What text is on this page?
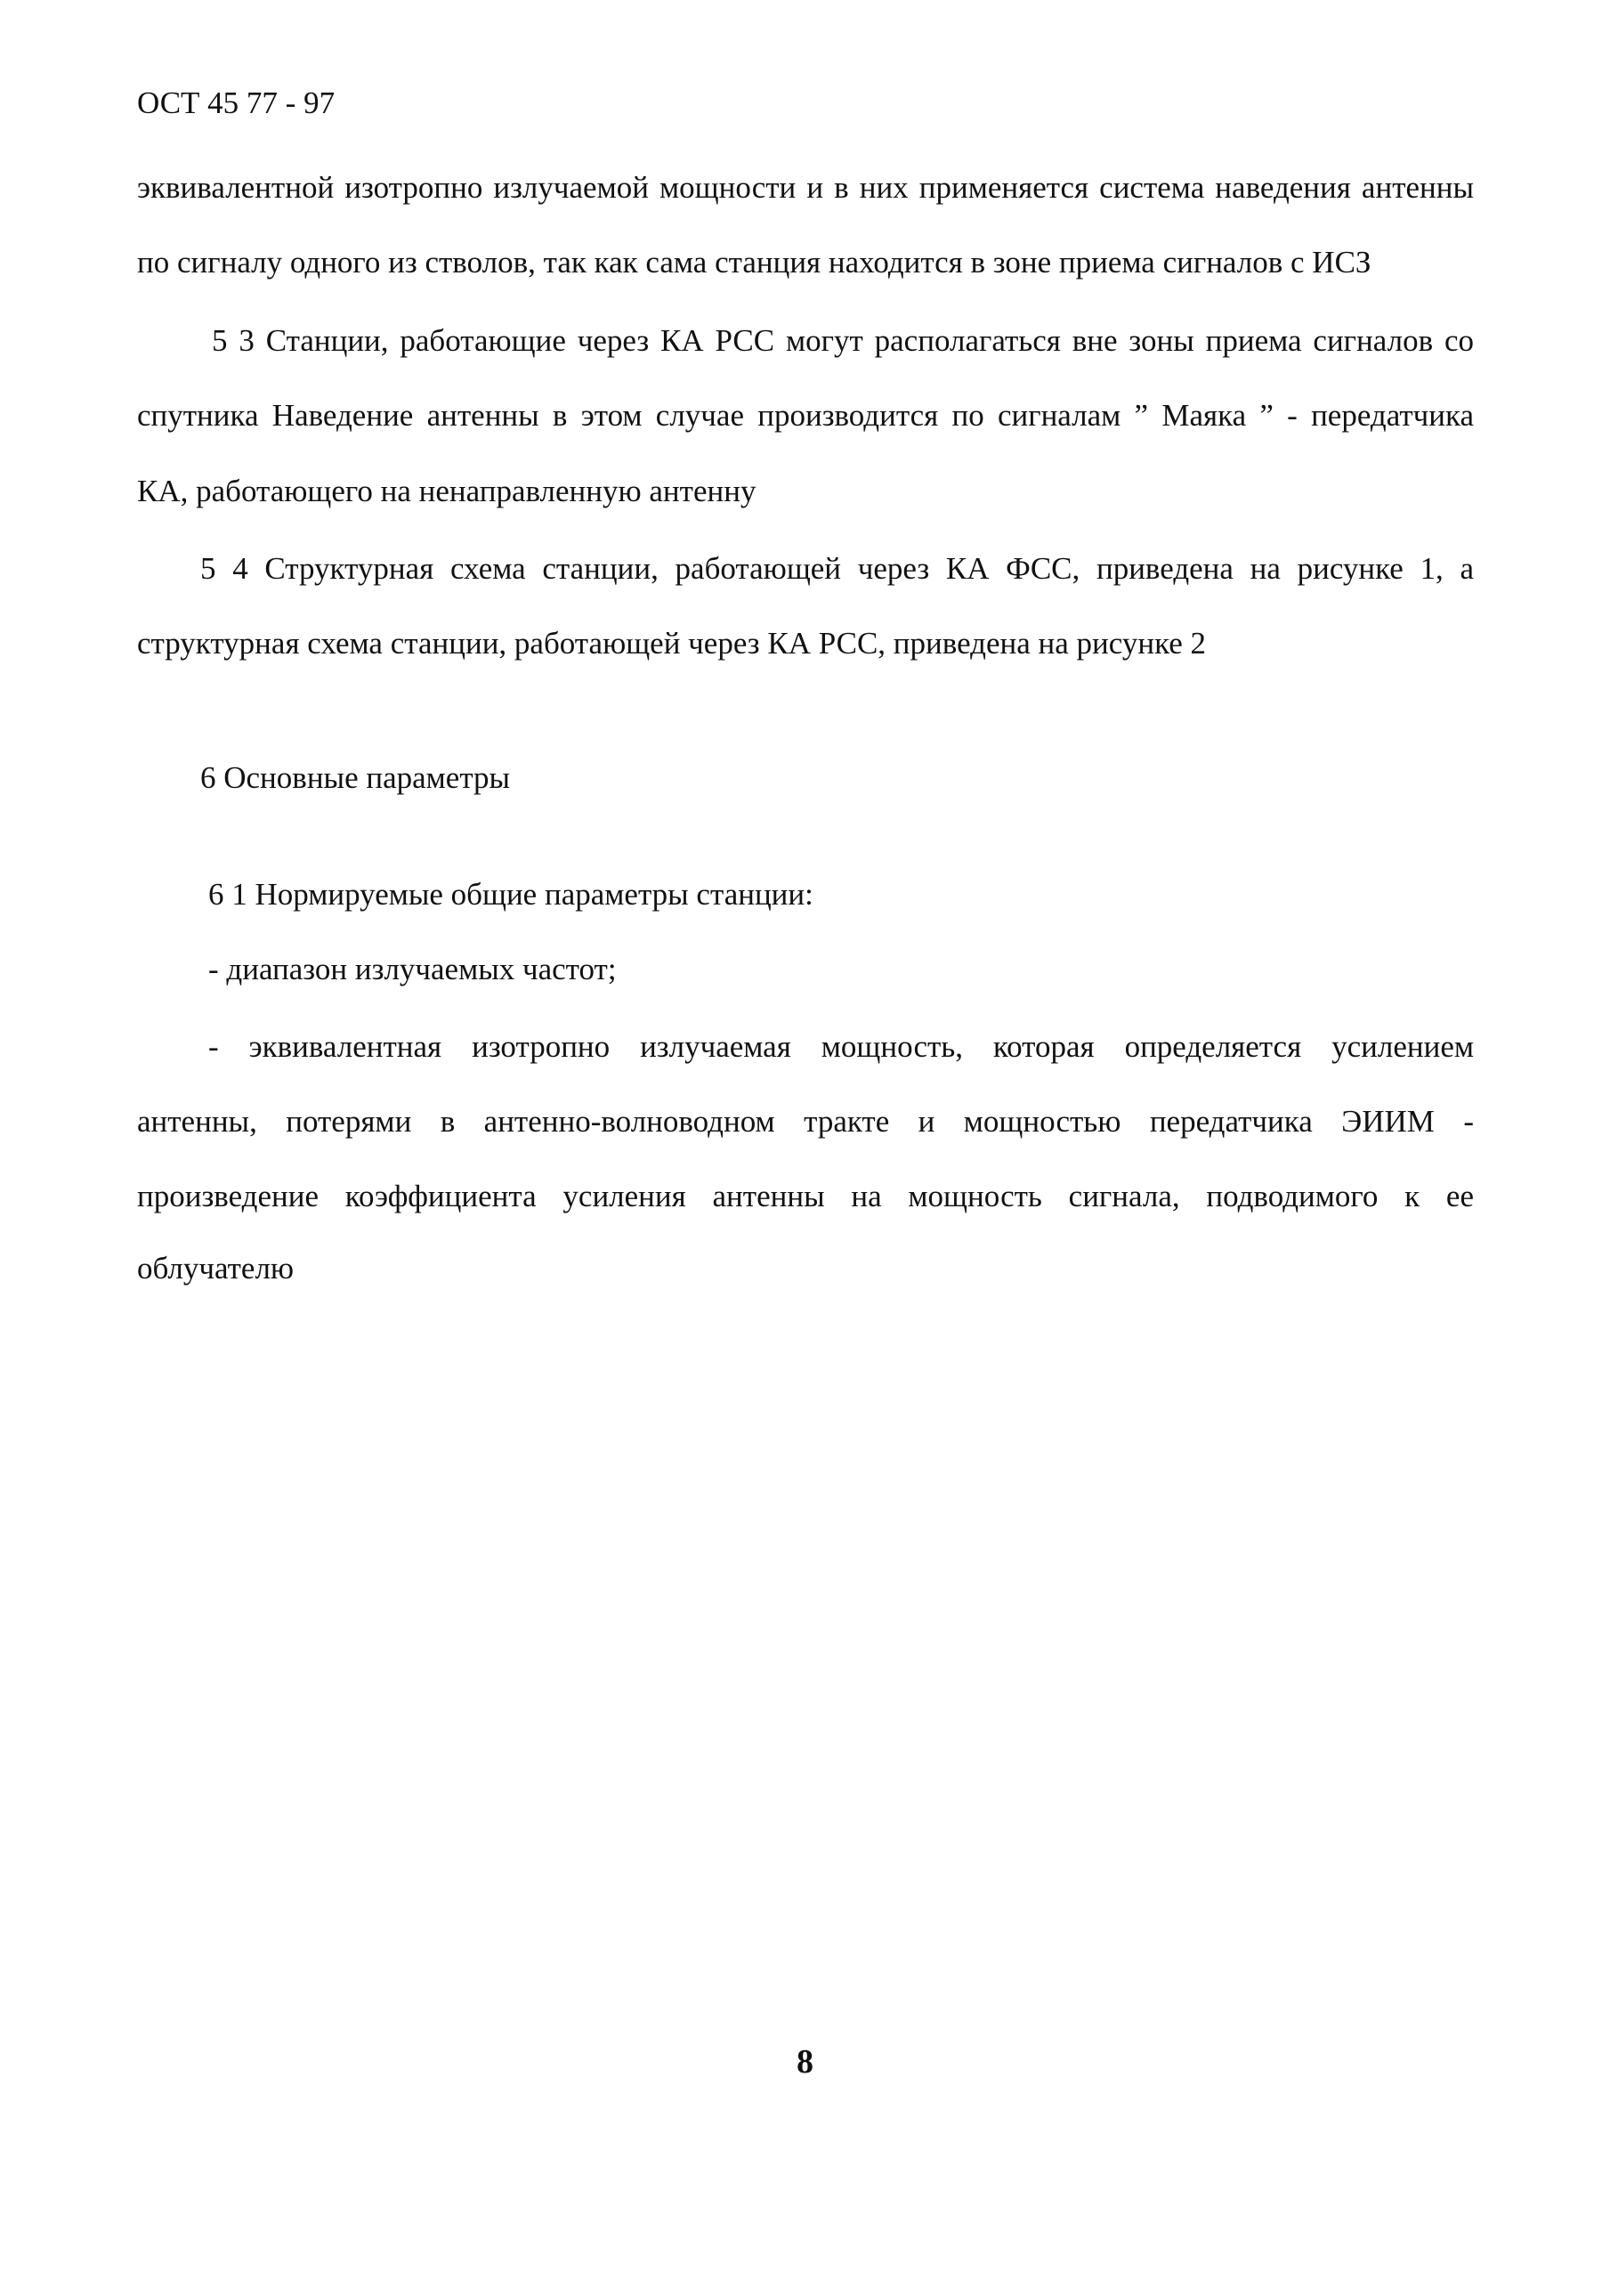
ОСТ 45 77 - 97
эквивалентной изотропно излучаемой мощности и в них применяется система наведения антенны
по сигналу одного из стволов, так как сама станция находится в зоне приема сигналов с ИСЗ
5 3 Станции, работающие через КА РСС могут располагаться вне зоны приема сигналов со
спутника Наведение антенны в этом случае производится по сигналам ” Маяка ” - передатчика
КА, работающего на ненаправленную антенну
5 4 Структурная схема станции, работающей через КА ФСС, приведена на рисунке 1, а
структурная схема станции, работающей через КА РСС, приведена на рисунке 2
6 Основные параметры
6 1 Нормируемые общие параметры станции:
- диапазон излучаемых частот;
- эквивалентная изотропно излучаемая мощность, которая определяется усилением
антенны, потерями в антенно-волноводном тракте и мощностью передатчика ЭИИМ -
произведение коэффициента усиления антенны на мощность сигнала, подводимого к ее
облучателю
8
